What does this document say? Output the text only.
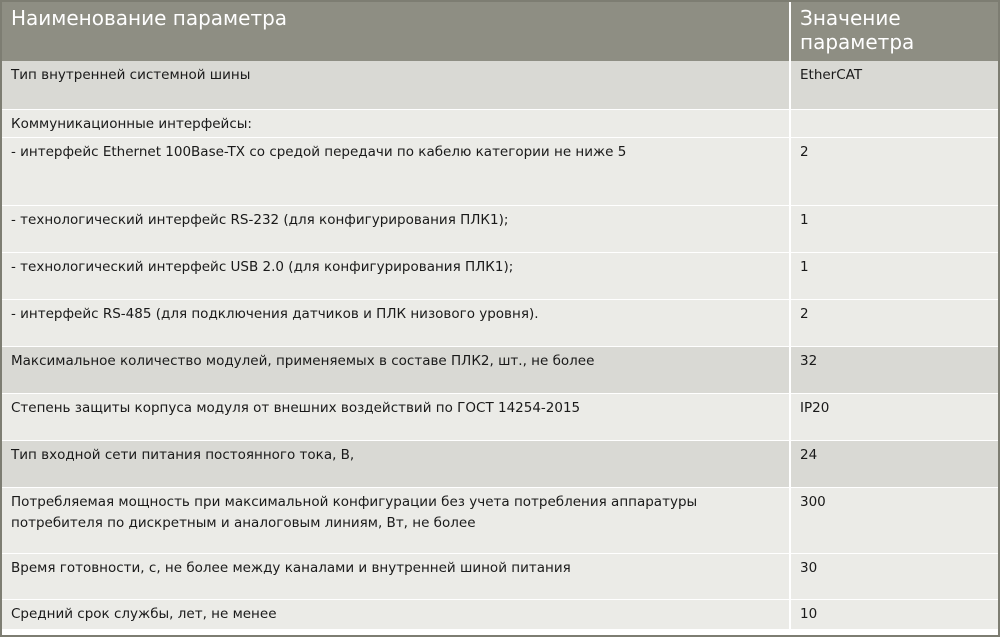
Наименование параметра	Значение параметра
Тип внутренней системной шины	EtherCAT
Коммуникационные интерфейсы:	
- интерфейс Ethernet 100Base-TX со средой передачи по кабелю категории не ниже 5	2
- технологический интерфейс RS-232 (для конфигурирования ПЛК1);	1
- технологический интерфейс USB 2.0 (для конфигурирования ПЛК1);	1
- интерфейс RS-485 (для подключения датчиков и ПЛК низового уровня).	2
Максимальное количество модулей, применяемых в составе ПЛК2, шт., не более	32
Степень защиты корпуса модуля от внешних воздействий по ГОСТ 14254-2015	IP20
Тип входной сети питания постоянного тока, В,	24

Потребляемая мощность при максимальной конфигурации без учета потребления аппаратуры
потребителя по дискретным и аналоговым линиям, Вт, не более	300
Время готовности, с, не более между каналами и внутренней шиной питания	30
Средний срок службы, лет, не менее	10
